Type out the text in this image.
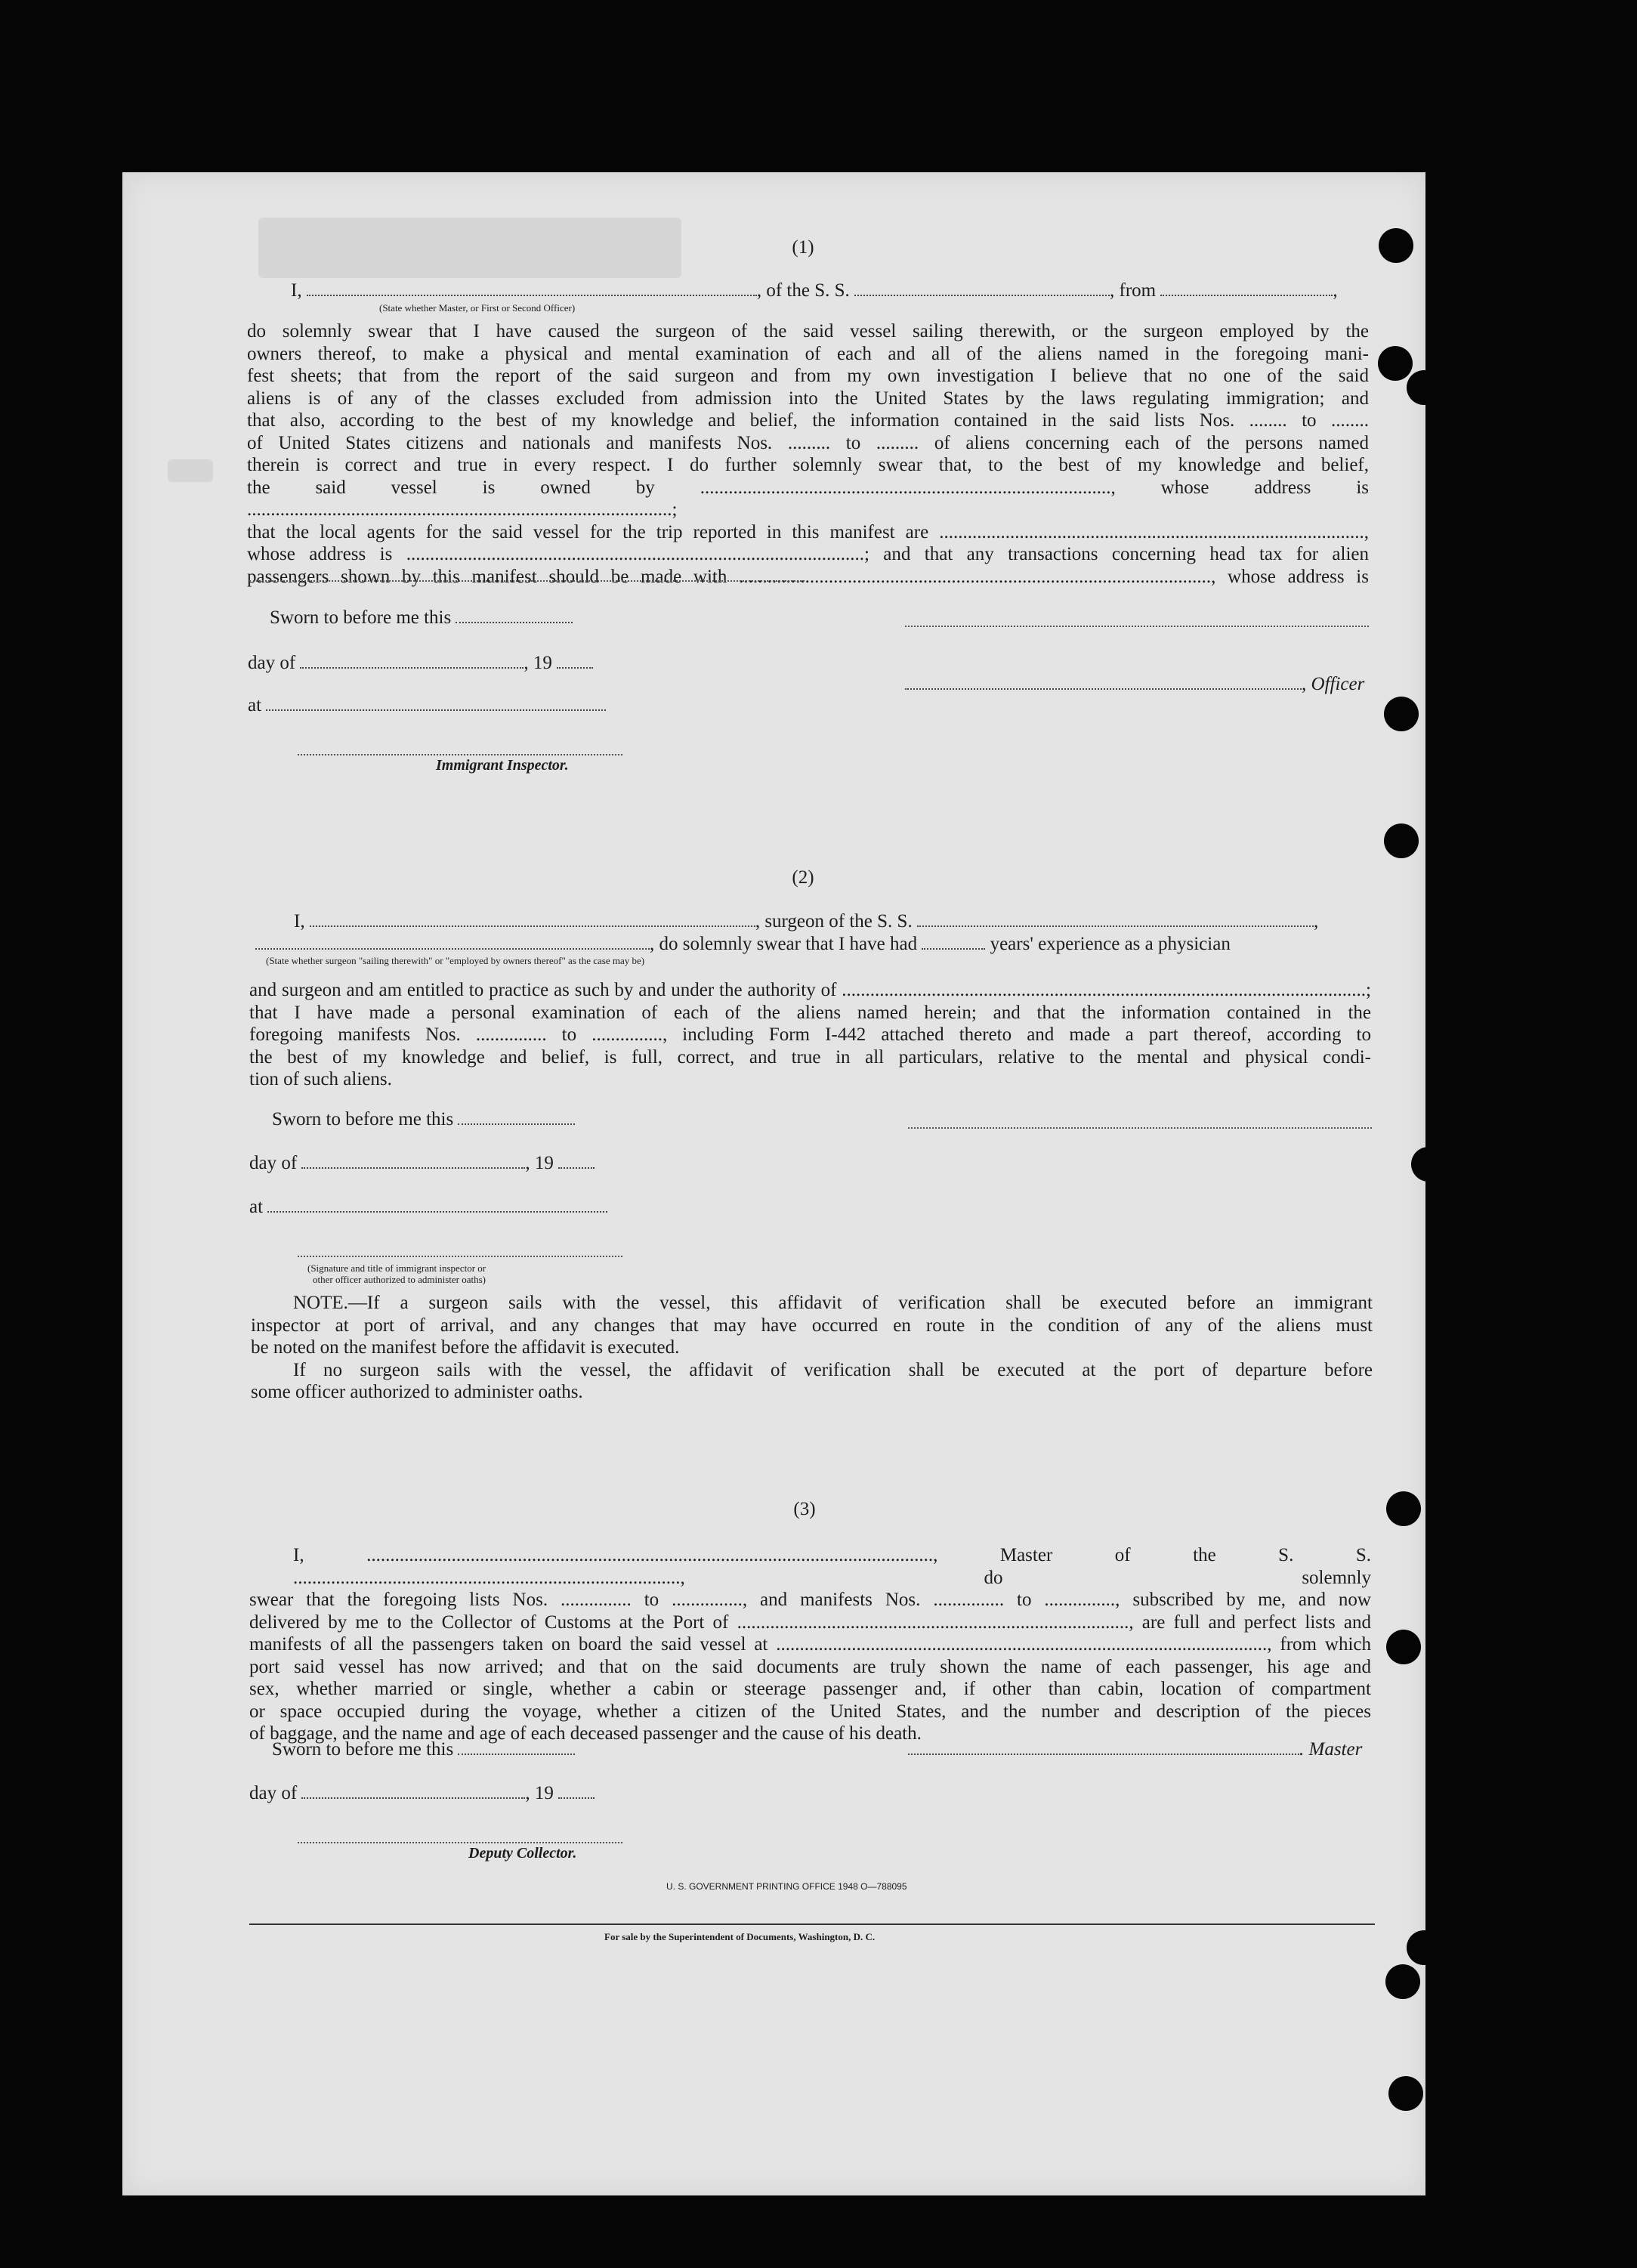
(1)
I,	, of the S. S.	, from	,
(State whether Master, or First or Second Officer)
do solemnly swear that I have caused the surgeon of the said vessel sailing therewith, or the surgeon employed by the
owners thereof, to make a physical and mental examination of each and all of the aliens named in the foregoing mani-
fest sheets; that from the report of the said surgeon and from my own investigation I believe that no one of the said
aliens is of any of the classes excluded from admission into the United States by the laws regulating immigration; and
that also, according to the best of my knowledge and belief, the information contained in the said lists Nos. ........ to ........
of United States citizens and nationals and manifests Nos. ......... to ......... of aliens concerning each of the persons named
therein is correct and true in every respect. I do further solemnly swear that, to the best of my knowledge and belief,
the said vessel is owned by ......................................................................................., whose address is ..........................................................................................;
that the local agents for the said vessel for the trip reported in this manifest are ..........................................................................................,
whose address is .................................................................................................; and that any transactions concerning head tax for alien
passengers shown by this manifest should be made with ...................................................................................................., whose address is
Sworn to before me this
day of	, 19
, Officer
at
Immigrant Inspector.
(2)
I,	, surgeon of the S. S.	,
, do solemnly swear that I have had	years' experience as a physician
(State whether surgeon "sailing therewith" or "employed by owners thereof" as the case may be)
and surgeon and am entitled to practice as such by and under the authority of ...............................................................................................................;
that I have made a personal examination of each of the aliens named herein; and that the information contained in the
foregoing manifests Nos. ............... to ..............., including Form I-442 attached thereto and made a part thereof, according to
the best of my knowledge and belief, is full, correct, and true in all particulars, relative to the mental and physical condi-
tion of such aliens.
Sworn to before me this
day of	, 19
at
(Signature and title of immigrant inspector or
other officer authorized to administer oaths)
NOTE.—If a surgeon sails with the vessel, this affidavit of verification shall be executed before an immigrant
inspector at port of arrival, and any changes that may have occurred en route in the condition of any of the aliens must
be noted on the manifest before the affidavit is executed.
If no surgeon sails with the vessel, the affidavit of verification shall be executed at the port of departure before
some officer authorized to administer oaths.
(3)
I, ........................................................................................................................, Master of the S. S. .................................................................................., do solemnly
swear that the foregoing lists Nos. ............... to ..............., and manifests Nos. ............... to ..............., subscribed by me, and now
delivered by me to the Collector of Customs at the Port of ..................................................................................., are full and perfect lists and
manifests of all the passengers taken on board the said vessel at ........................................................................................................, from which
port said vessel has now arrived; and that on the said documents are truly shown the name of each passenger, his age and
sex, whether married or single, whether a cabin or steerage passenger and, if other than cabin, location of compartment
or space occupied during the voyage, whether a citizen of the United States, and the number and description of the pieces
of baggage, and the name and age of each deceased passenger and the cause of his death.
Sworn to before me this	. Master
day of	, 19
Deputy Collector.
U. S. GOVERNMENT PRINTING OFFICE 1948 O—788095
For sale by the Superintendent of Documents, Washington, D. C.
